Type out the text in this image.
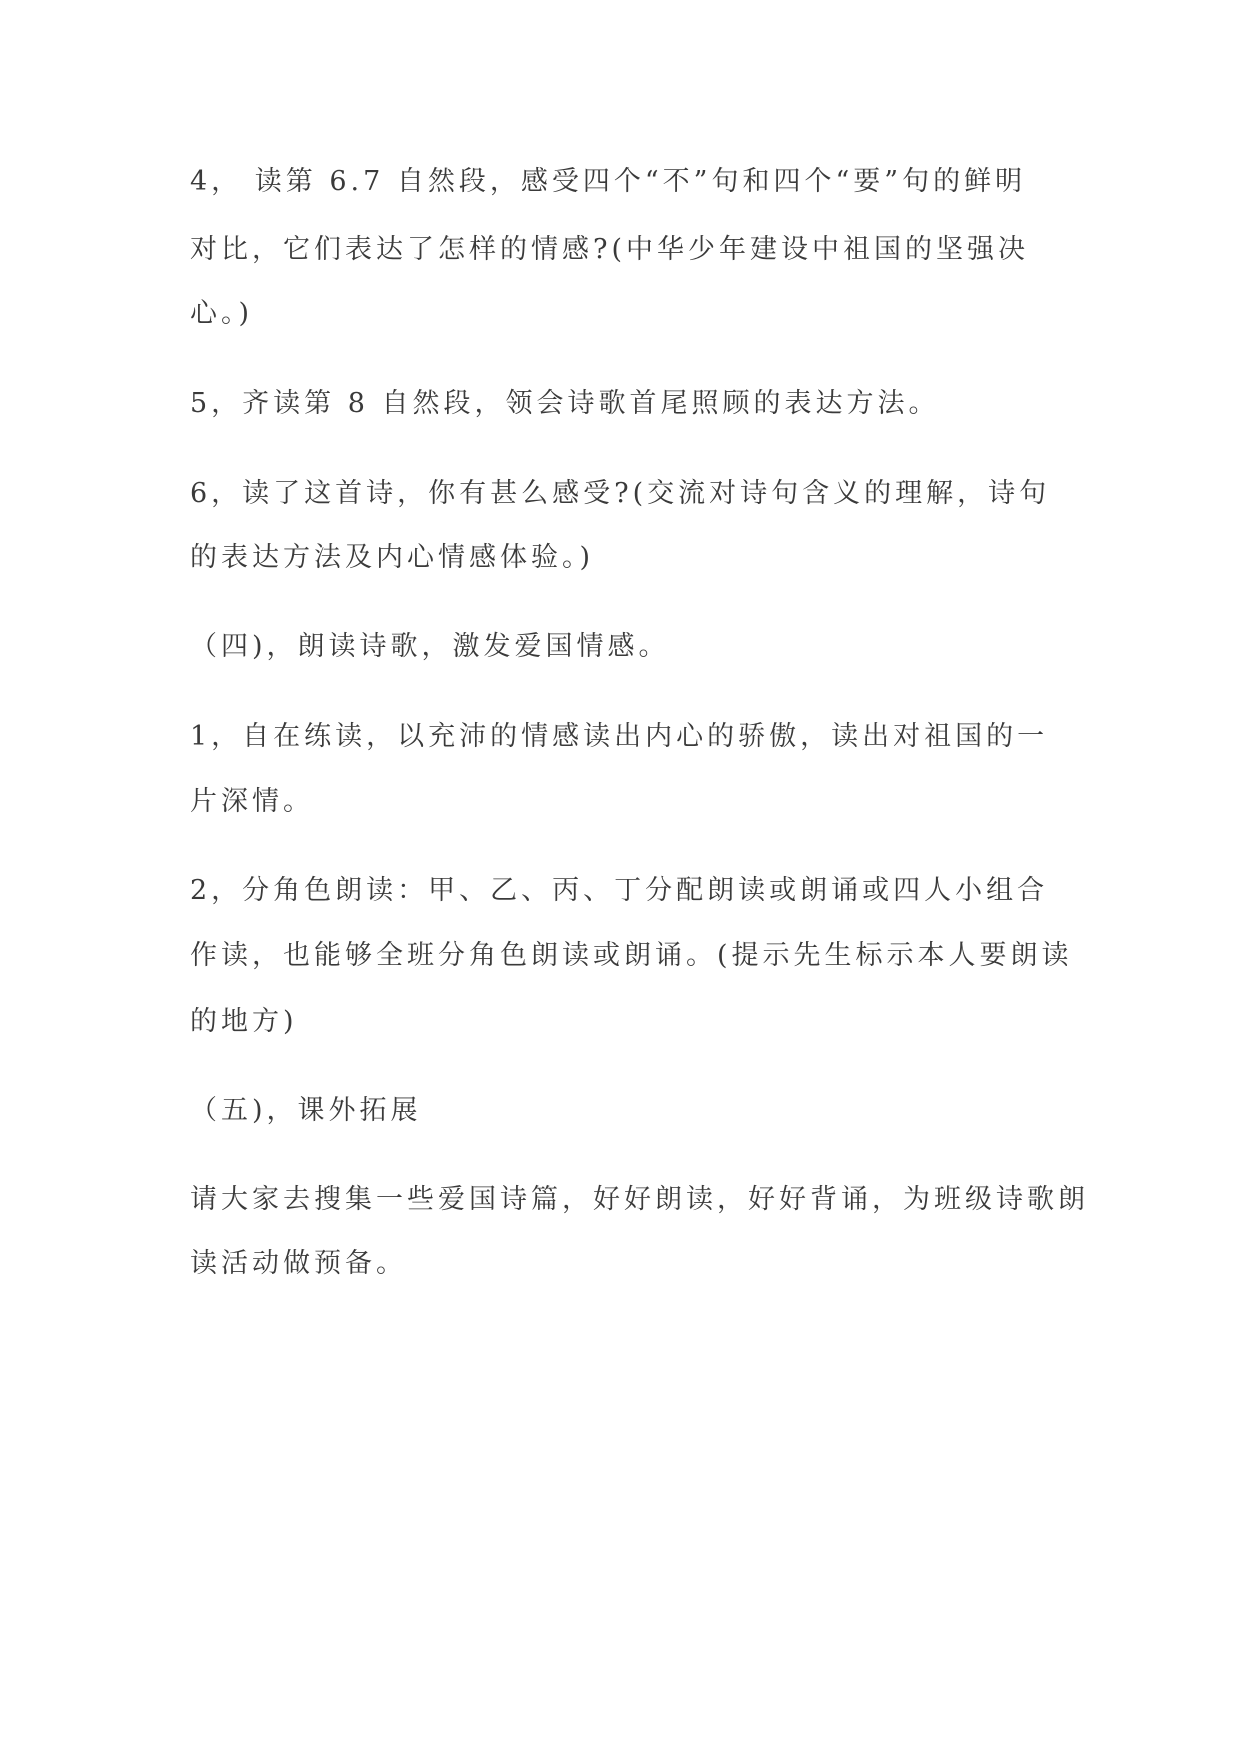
4， 读第 6.7 自然段，感受四个“不”句和四个“要”句的鲜明
对比，它们表达了怎样的情感?(中华少年建设中祖国的坚强决
心。)
5，齐读第 8 自然段，领会诗歌首尾照顾的表达方法。
6，读了这首诗，你有甚么感受?(交流对诗句含义的理解，诗句
的表达方法及内心情感体验。)
（四)，朗读诗歌，激发爱国情感。
1，自在练读，以充沛的情感读出内心的骄傲，读出对祖国的一
片深情。
2，分角色朗读：甲、乙、丙、丁分配朗读或朗诵或四人小组合
作读，也能够全班分角色朗读或朗诵。(提示先生标示本人要朗读
的地方)
（五)，课外拓展
请大家去搜集一些爱国诗篇，好好朗读，好好背诵，为班级诗歌朗
读活动做预备。
